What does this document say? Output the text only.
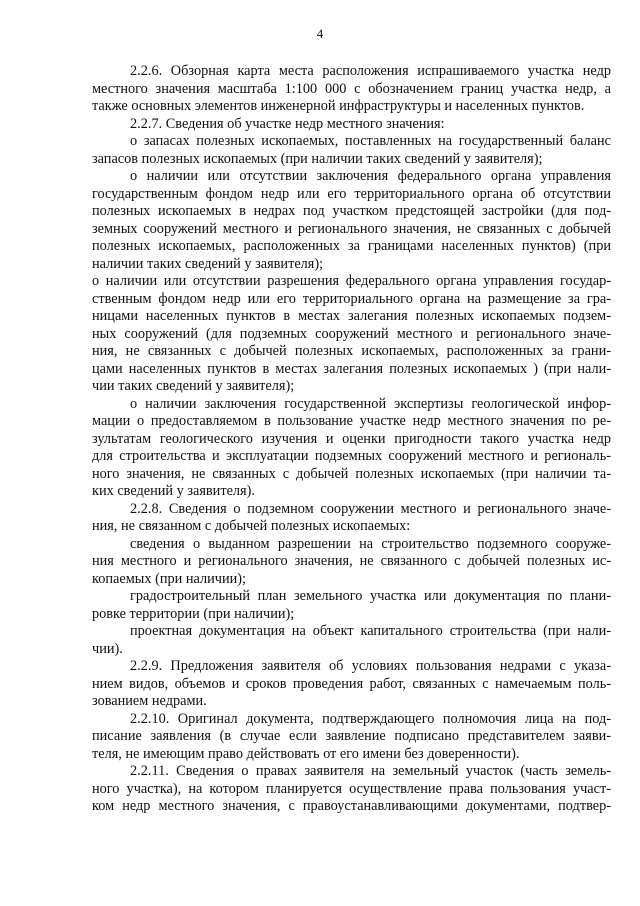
4
2.2.6. Обзорная карта места расположения испрашиваемого участка недр
местного значения масштаба 1:100 000 с обозначением границ участка недр, а
также основных элементов инженерной инфраструктуры и населенных пунктов.
2.2.7. Сведения об участке недр местного значения:
о запасах полезных ископаемых, поставленных на государственный баланс
запасов полезных ископаемых (при наличии таких сведений у заявителя);
о наличии или отсутствии заключения федерального органа управления
государственным фондом недр или его территориального органа об отсутствии
полезных ископаемых в недрах под участком предстоящей застройки (для под-
земных сооружений местного и регионального значения, не связанных с добычей
полезных ископаемых, расположенных за границами населенных пунктов) (при
наличии таких сведений у заявителя);
о наличии или отсутствии разрешения федерального органа управления государ-
ственным фондом недр или его территориального органа на размещение за гра-
ницами населенных пунктов в местах залегания полезных ископаемых подзем-
ных сооружений (для подземных сооружений местного и регионального значе-
ния, не связанных с добычей полезных ископаемых, расположенных за грани-
цами населенных пунктов в местах залегания полезных ископаемых ) (при нали-
чии таких сведений у заявителя);
о наличии заключения государственной экспертизы геологической инфор-
мации о предоставляемом в пользование участке недр местного значения по ре-
зультатам геологического изучения и оценки пригодности такого участка недр
для строительства и эксплуатации подземных сооружений местного и региональ-
ного значения, не связанных с добычей полезных ископаемых (при наличии та-
ких сведений у заявителя).
2.2.8. Сведения о подземном сооружении местного и регионального значе-
ния, не связанном с добычей полезных ископаемых:
сведения о выданном разрешении на строительство подземного сооруже-
ния местного и регионального значения, не связанного с добычей полезных ис-
копаемых (при наличии);
градостроительный план земельного участка или документация по плани-
ровке территории (при наличии);
проектная документация на объект капитального строительства (при нали-
чии).
2.2.9. Предложения заявителя об условиях пользования недрами с указа-
нием видов, объемов и сроков проведения работ, связанных с намечаемым поль-
зованием недрами.
2.2.10. Оригинал документа, подтверждающего полномочия лица на под-
писание заявления (в случае если заявление подписано представителем заяви-
теля, не имеющим право действовать от его имени без доверенности).
2.2.11. Сведения о правах заявителя на земельный участок (часть земель-
ного участка), на котором планируется осуществление права пользования участ-
ком недр местного значения, с правоустанавливающими документами, подтвер-
